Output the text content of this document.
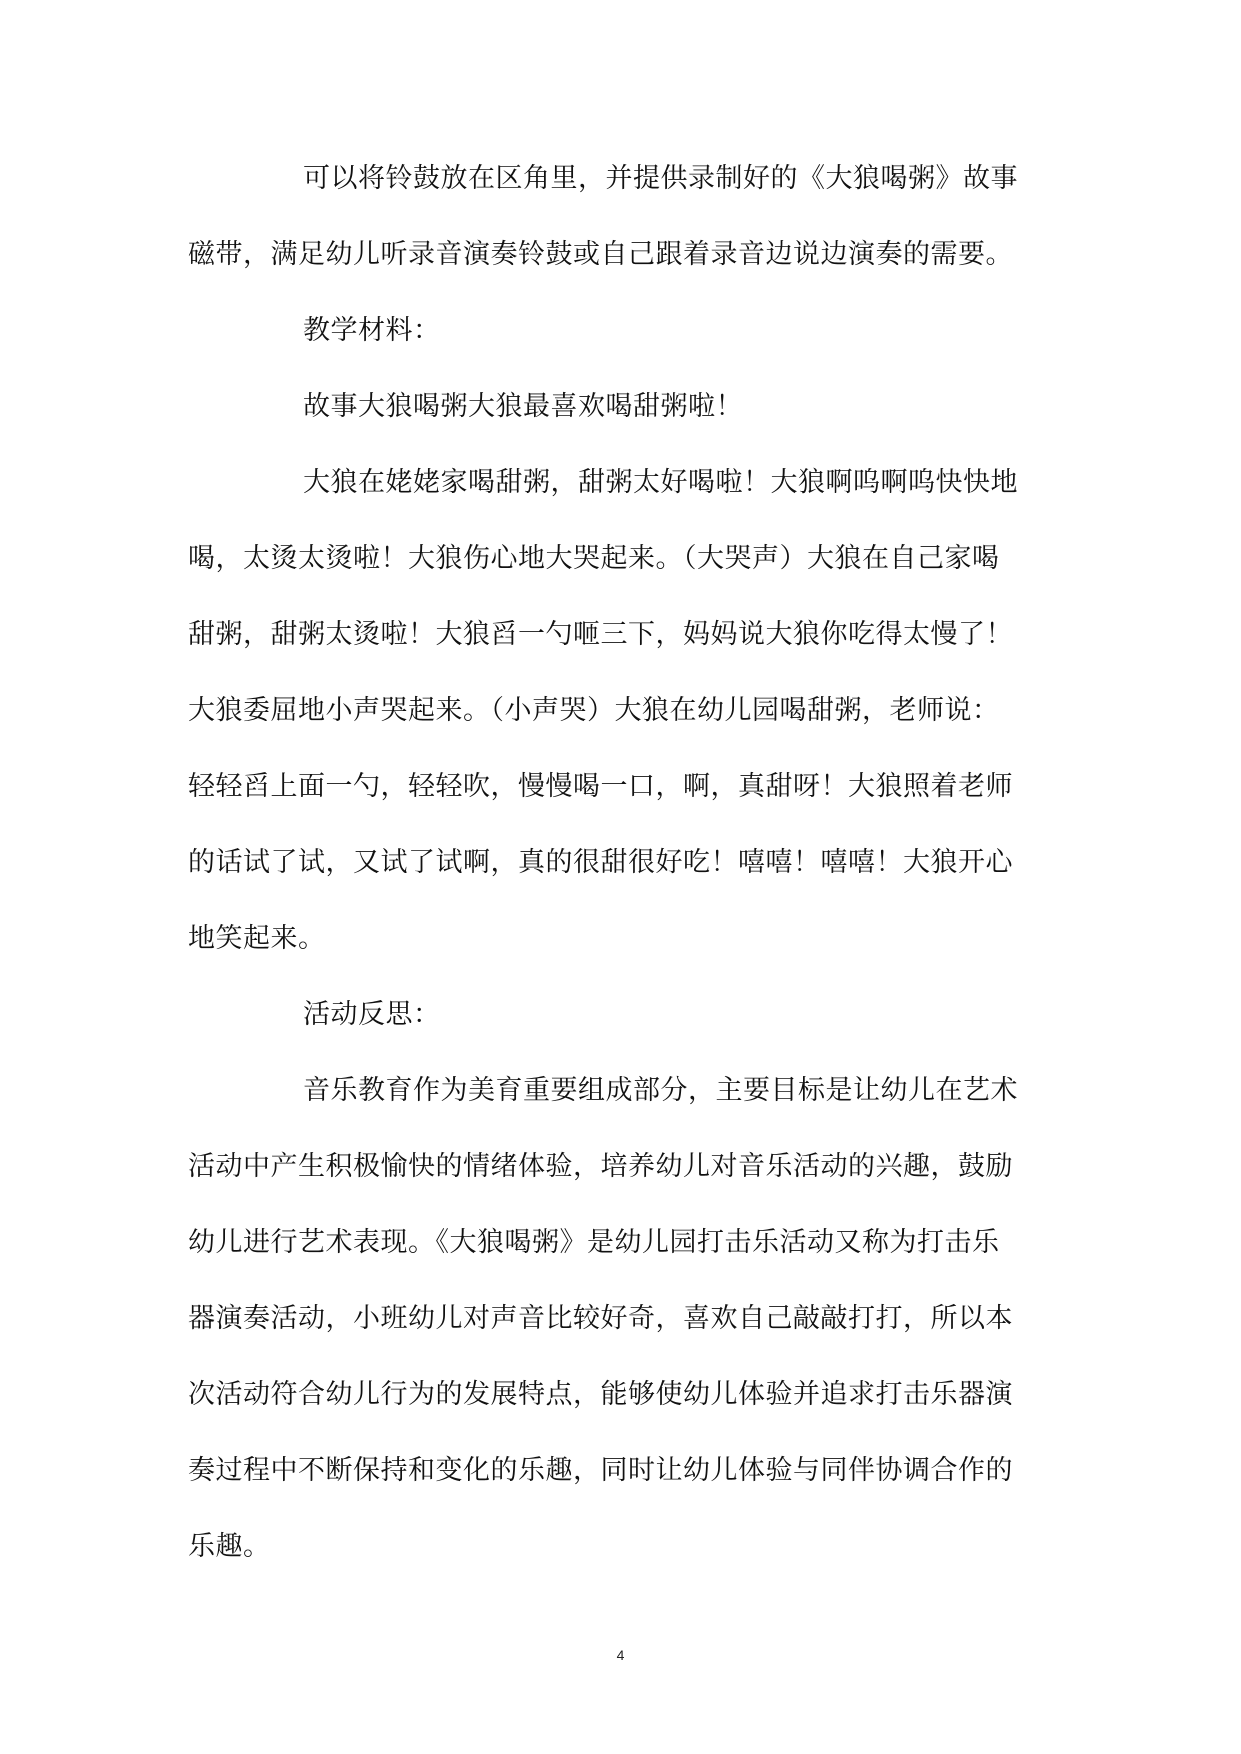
可以将铃鼓放在区角里，并提供录制好的《大狼喝粥》故事
磁带，满足幼儿听录音演奏铃鼓或自己跟着录音边说边演奏的需要。
教学材料：
故事大狼喝粥大狼最喜欢喝甜粥啦！
大狼在姥姥家喝甜粥，甜粥太好喝啦！大狼啊呜啊呜快快地
喝，太烫太烫啦！大狼伤心地大哭起来。（大哭声）大狼在自己家喝
甜粥，甜粥太烫啦！大狼舀一勺咂三下，妈妈说大狼你吃得太慢了！
大狼委屈地小声哭起来。（小声哭）大狼在幼儿园喝甜粥，老师说：
轻轻舀上面一勺，轻轻吹，慢慢喝一口，啊，真甜呀！大狼照着老师
的话试了试，又试了试啊，真的很甜很好吃！嘻嘻！嘻嘻！大狼开心
地笑起来。
活动反思：
音乐教育作为美育重要组成部分，主要目标是让幼儿在艺术
活动中产生积极愉快的情绪体验，培养幼儿对音乐活动的兴趣，鼓励
幼儿进行艺术表现。《大狼喝粥》是幼儿园打击乐活动又称为打击乐
器演奏活动，小班幼儿对声音比较好奇，喜欢自己敲敲打打，所以本
次活动符合幼儿行为的发展特点，能够使幼儿体验并追求打击乐器演
奏过程中不断保持和变化的乐趣，同时让幼儿体验与同伴协调合作的
乐趣。
4
